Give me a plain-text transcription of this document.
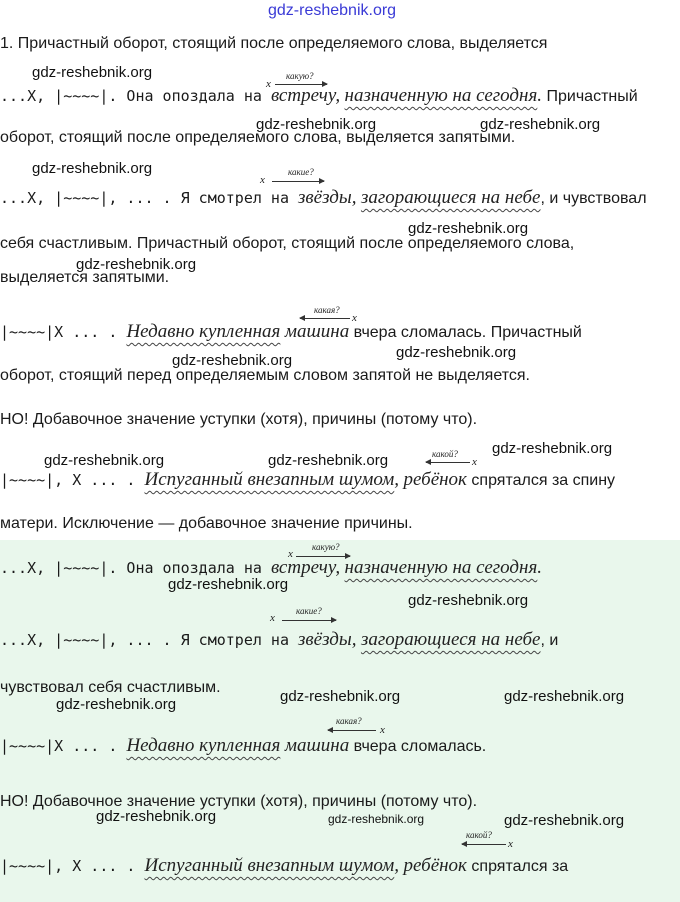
gdz-reshebnik.org
gdz-reshebnik.org
gdz-reshebnik.org	gdz-reshebnik.org
gdz-reshebnik.org
gdz-reshebnik.org
gdz-reshebnik.org
gdz-reshebnik.org	gdz-reshebnik.org
gdz-reshebnik.org
gdz-reshebnik.org	gdz-reshebnik.org
gdz-reshebnik.org
gdz-reshebnik.org
gdz-reshebnik.org	gdz-reshebnik.org
gdz-reshebnik.org
gdz-reshebnik.org	gdz-reshebnik.org	gdz-reshebnik.org
1. Причастный оборот, стоящий после определяемого слова, выделяется
какую?
x
...X, |~~~~|. Она опоздала на встречу, назначенную на сегодня. Причастный
оборот, стоящий после определяемого слова, выделяется запятыми.
какие?
x
...X, |~~~~|, ... . Я смотрел на звёзды, загорающиеся на небе, и чувствовал
себя счастливым. Причастный оборот, стоящий после определяемого слова,
выделяется запятыми.
какая?
x
|~~~~|X ... . Недавно купленная машина вчера сломалась. Причастный
оборот, стоящий перед определяемым словом запятой не выделяется.
НО! Добавочное значение уступки (хотя), причины (потому что).
какой?
x
|~~~~|, X ... . Испуганный внезапным шумом, ребёнок спрятался за спину
матери. Исключение — добавочное значение причины.
какую?
x
...X, |~~~~|. Она опоздала на встречу, назначенную на сегодня.
какие?
x
...X, |~~~~|, ... . Я смотрел на звёзды, загорающиеся на небе, и
чувствовал себя счастливым.
какая?
x
|~~~~|X ... . Недавно купленная машина вчера сломалась.
НО! Добавочное значение уступки (хотя), причины (потому что).
какой?
x
|~~~~|, X ... . Испуганный внезапным шумом, ребёнок спрятался за
